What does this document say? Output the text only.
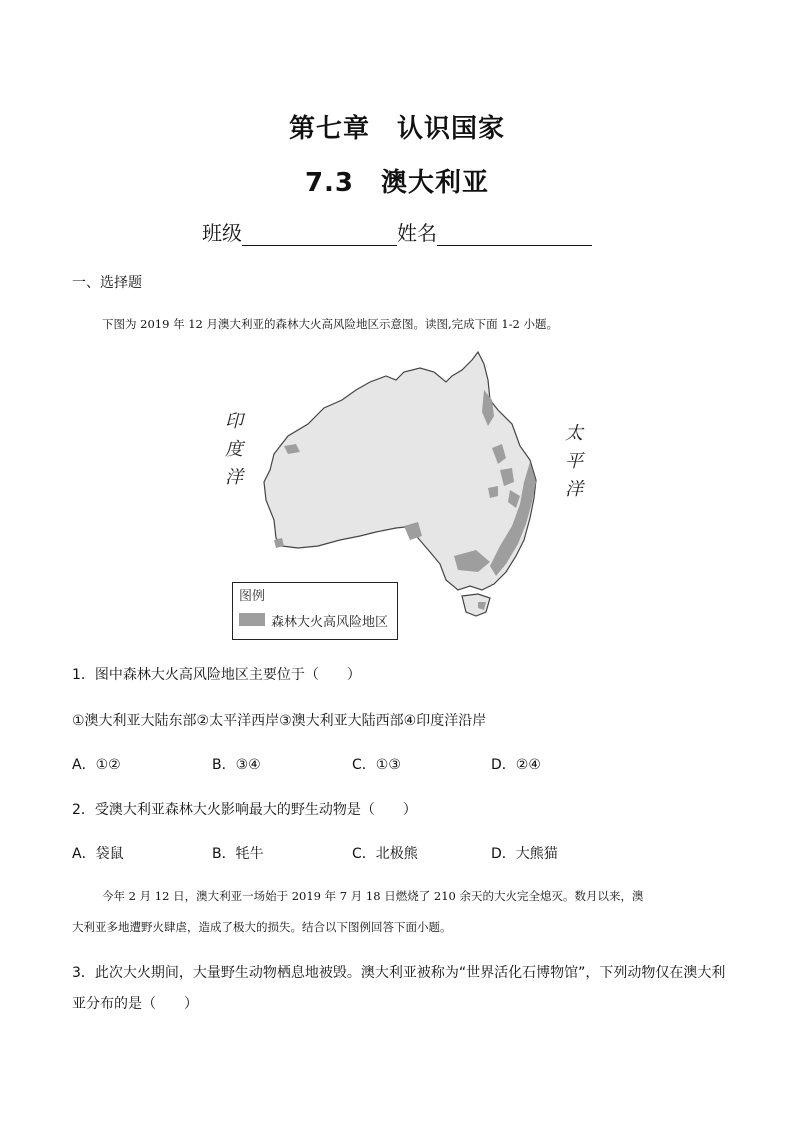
第七章　认识国家
7.3　澳大利亚
班级	姓名
一、选择题
下图为 2019 年 12 月澳大利亚的森林大火高风险地区示意图。读图,完成下面 1-2 小题。
印
度
洋
太
平
洋
图例
森林大火高风险地区
1．图中森林大火高风险地区主要位于（　　）
①澳大利亚大陆东部②太平洋西岸③澳大利亚大陆西部④印度洋沿岸
A．①②	B．③④	C．①③	D．②④
2．受澳大利亚森林大火影响最大的野生动物是（　　）
A．袋鼠	B．牦牛	C．北极熊	D．大熊猫
今年 2 月 12 日，澳大利亚一场始于 2019 年 7 月 18 日燃烧了 210 余天的大火完全熄灭。数月以来，澳
大利亚多地遭野火肆虐，造成了极大的损失。结合以下图例回答下面小题。
3．此次大火期间，大量野生动物栖息地被毁。澳大利亚被称为“世界活化石博物馆”，下列动物仅在澳大利
亚分布的是（　　）
